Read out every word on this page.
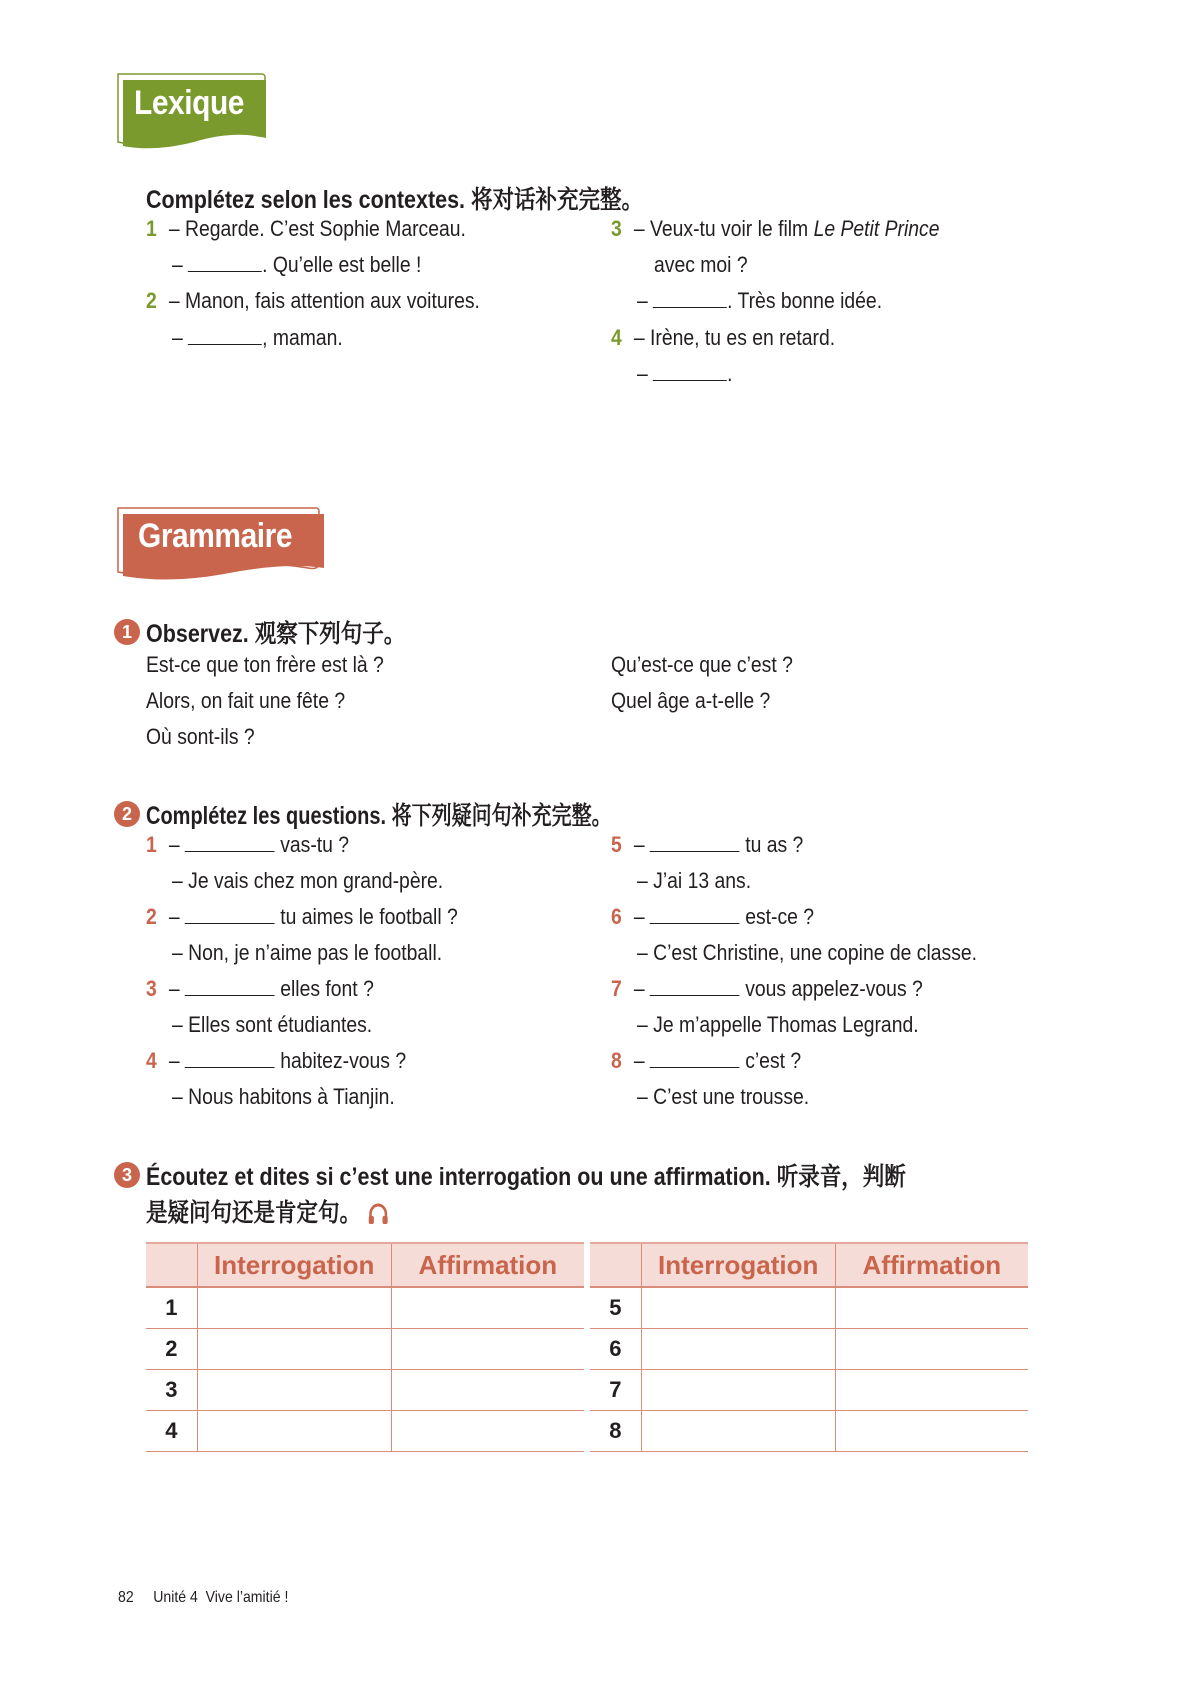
Lexique
Complétez selon les contextes. 将对话补充完整。
1 – Regarde. C’est Sophie Marceau.
–	. Qu’elle est belle !
2 – Manon, fais attention aux voitures.
–	, maman.
3 – Veux-tu voir le film Le Petit Prince
avec moi ?
–	. Très bonne idée.
4 – Irène, tu es en retard.
–	.
Grammaire
1 Observez. 观察下列句子。
Est-ce que ton frère est là ?
Alors, on fait une fête ?
Où sont-ils ?
Qu’est-ce que c’est ?
Quel âge a-t-elle ?
2 Complétez les questions. 将下列疑问句补充完整。
1 –	vas-tu ?
– Je vais chez mon grand-père.
2 –	tu aimes le football ?
– Non, je n’aime pas le football.
3 –	elles font ?
– Elles sont étudiantes.
4 –	habitez-vous ?
– Nous habitons à Tianjin.
5 –	tu as ?
– J’ai 13 ans.
6 –	est-ce ?
– C’est Christine, une copine de classe.
7 –	vous appelez-vous ?
– Je m’appelle Thomas Legrand.
8 –	c’est ?
– C’est une trousse.
3 Écoutez et dites si c’est une interrogation ou une affirmation. 听录音，判断
是疑问句还是肯定句。
	Interrogation	Affirmation
1		
2		
3		
4		
	Interrogation	Affirmation
5		
6		
7		
8		
82 Unité 4 Vive l’amitié !
